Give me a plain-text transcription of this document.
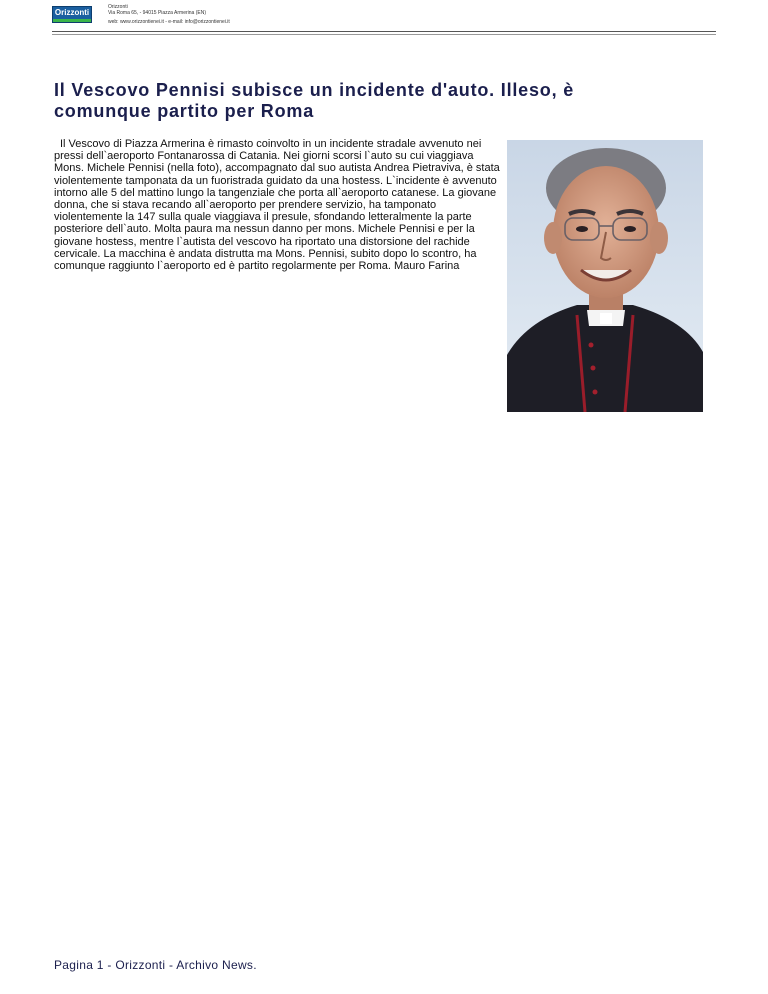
Orizzonti
Orizzonti
Via Roma 65, - 94015 Piazza Armerina (EN)
web: www.orizzontienei.it - e-mail: info@orizzontienei.it
Il Vescovo Pennisi subisce un incidente d'auto. Illeso, è comunque partito per Roma

Il Vescovo di Piazza Armerina è rimasto coinvolto in un incidente stradale avvenuto nei pressi dell`aeroporto Fontanarossa di Catania. Nei giorni scorsi l`auto su cui viaggiava Mons. Michele Pennisi (nella foto), accompagnato dal suo autista Andrea Pietraviva, è stata violentemente tamponata da un fuoristrada guidato da una hostess. L`incidente è avvenuto intorno alle 5 del mattino lungo la tangenziale che porta all`aeroporto catanese. La giovane donna, che si stava recando all`aeroporto per prendere servizio, ha tamponato violentemente la 147 sulla quale viaggiava il presule, sfondando letteralmente la parte posteriore dell`auto. Molta paura ma nessun danno per mons. Michele Pennisi e per la giovane hostess, mentre l`autista del vescovo ha riportato una distorsione del rachide cervicale. La macchina è andata distrutta ma Mons. Pennisi, subito dopo lo scontro, ha comunque raggiunto l`aeroporto ed è partito regolarmente per Roma. Mauro Farina

Pagina 1 - Orizzonti - Archivo News.
